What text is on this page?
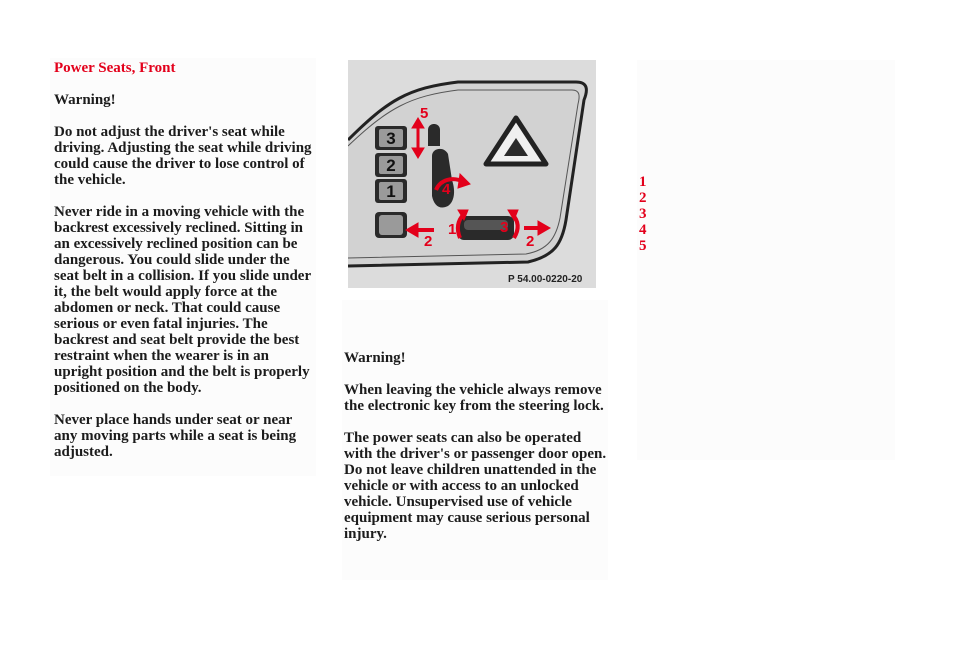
Power Seats, Front

Warning!

Do not adjust the driver's seat while driving. Adjusting the seat while driving could cause the driver to lose control of the vehicle.

Never ride in a moving vehicle with the backrest excessively reclined. Sitting in an excessively reclined position can be dangerous. You could slide under the seat belt in a collision. If you slide under it, the belt would apply force at the abdomen or neck. That could cause serious or even fatal injuries. The backrest and seat belt provide the best restraint when the wearer is in an upright position and the belt is properly positioned on the body.

Never place hands under seat or near any moving parts while a seat is being adjusted.

3
2
1
1
2	2
3
4
5
P 54.00-0220-20

Warning!

When leaving the vehicle always remove the electronic key from the steering lock.

The power seats can also be operated with the driver's or passenger door open. Do not leave children unattended in the vehicle or with access to an unlocked vehicle. Unsupervised use of vehicle equipment may cause serious personal injury.

1
2
3
4
5
